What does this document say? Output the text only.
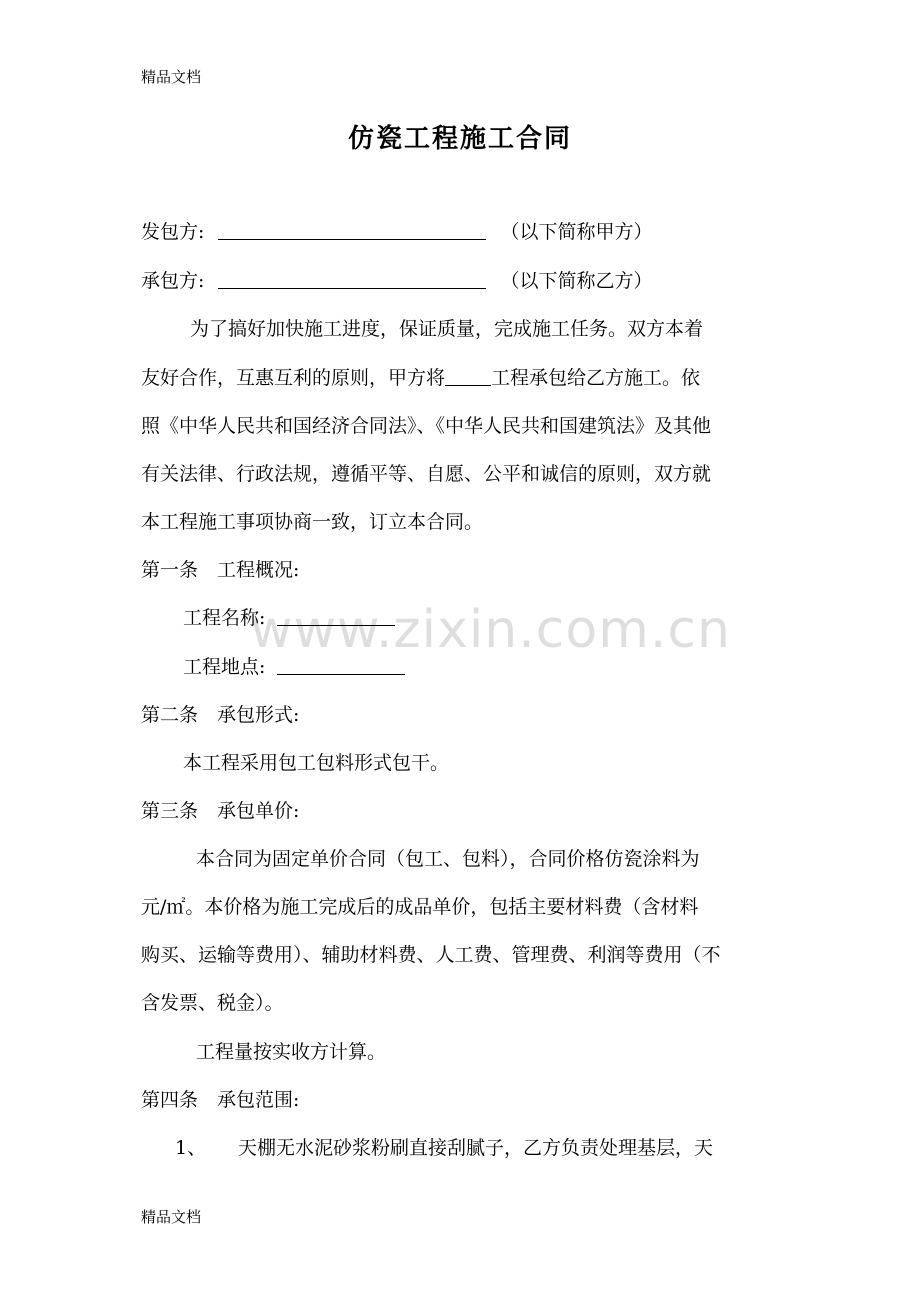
精品文档
仿瓷工程施工合同
发包方:	（以下简称甲方）
承包方:	（以下简称乙方）
为了搞好加快施工进度，保证质量，完成施工任务。双方本着
友好合作，互惠互利的原则，甲方将 工程承包给乙方施工。依
照《中华人民共和国经济合同法》、《中华人民共和国建筑法》及其他
有关法律、行政法规，遵循平等、自愿、公平和诚信的原则，双方就
本工程施工事项协商一致，订立本合同。
第一条　工程概况:
工程名称:
工程地点:
第二条　承包形式:
本工程采用包工包料形式包干。
第三条　承包单价:
本合同为固定单价合同（包工、包料），合同价格仿瓷涂料为
元/㎡。本价格为施工完成后的成品单价，包括主要材料费（含材料
购买、运输等费用）、辅助材料费、人工费、管理费、利润等费用（不
含发票、税金）。
工程量按实收方计算。
第四条　承包范围:
1、 天棚无水泥砂浆粉刷直接刮腻子，乙方负责处理基层，天
www.zixin.com.cn
精品文档
